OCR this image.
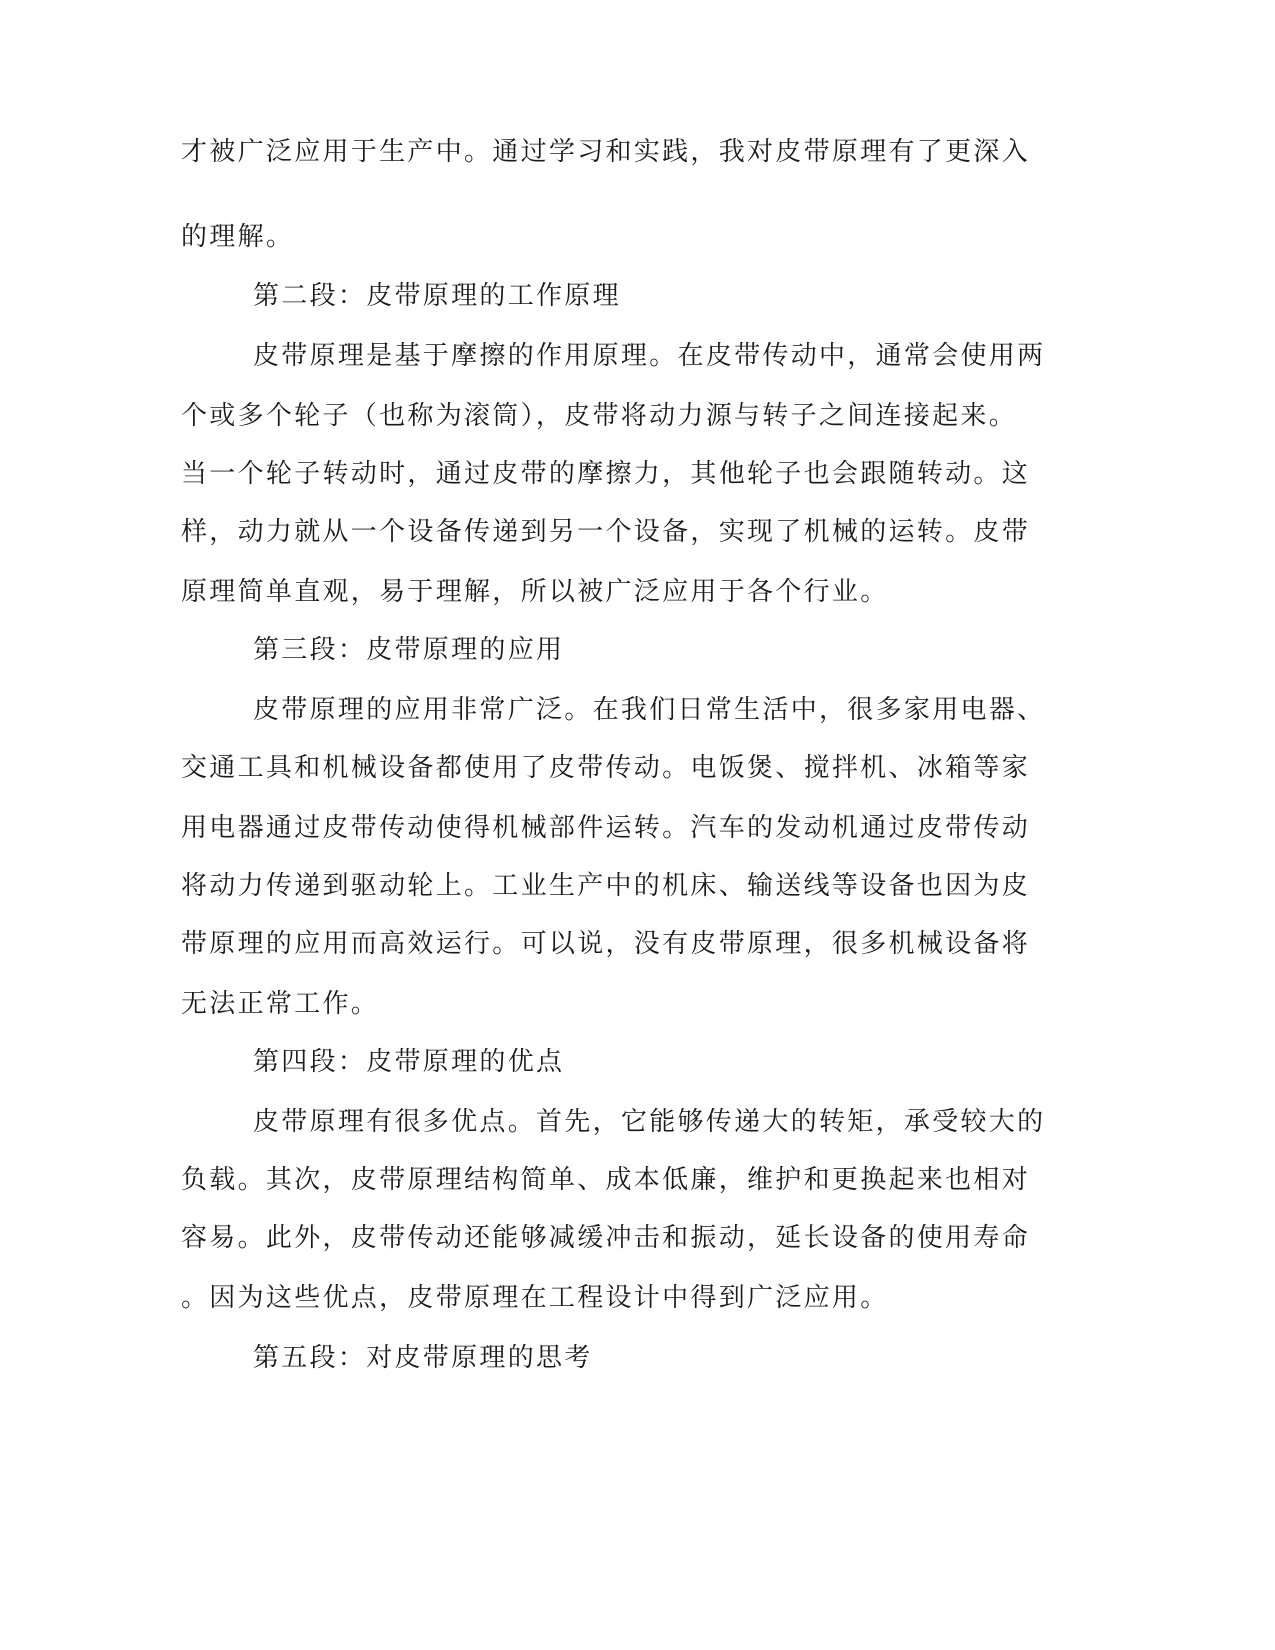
才被广泛应用于生产中。通过学习和实践，我对皮带原理有了更深入

的理解。

第二段：皮带原理的工作原理

皮带原理是基于摩擦的作用原理。在皮带传动中，通常会使用两

个或多个轮子（也称为滚筒），皮带将动力源与转子之间连接起来。

当一个轮子转动时，通过皮带的摩擦力，其他轮子也会跟随转动。这

样，动力就从一个设备传递到另一个设备，实现了机械的运转。皮带

原理简单直观，易于理解，所以被广泛应用于各个行业。

第三段：皮带原理的应用

皮带原理的应用非常广泛。在我们日常生活中，很多家用电器、

交通工具和机械设备都使用了皮带传动。电饭煲、搅拌机、冰箱等家

用电器通过皮带传动使得机械部件运转。汽车的发动机通过皮带传动

将动力传递到驱动轮上。工业生产中的机床、输送线等设备也因为皮

带原理的应用而高效运行。可以说，没有皮带原理，很多机械设备将

无法正常工作。

第四段：皮带原理的优点

皮带原理有很多优点。首先，它能够传递大的转矩，承受较大的

负载。其次，皮带原理结构简单、成本低廉，维护和更换起来也相对

容易。此外，皮带传动还能够减缓冲击和振动，延长设备的使用寿命

。因为这些优点，皮带原理在工程设计中得到广泛应用。

第五段：对皮带原理的思考
